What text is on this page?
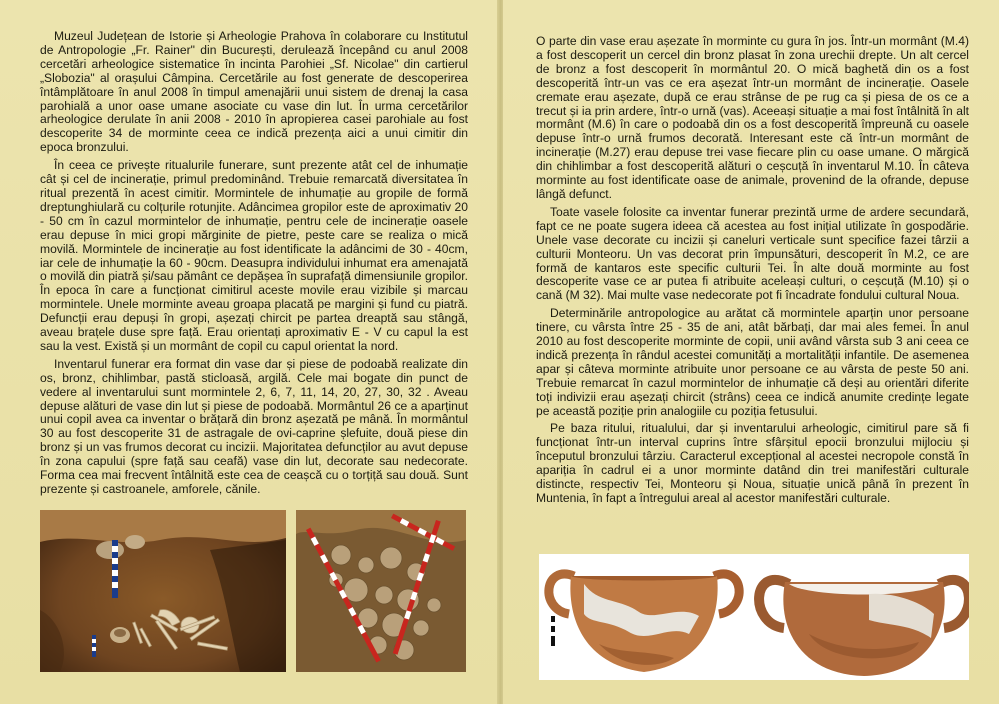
Muzeul Județean de Istorie și Arheologie Prahova în colaborare cu Institutul de Antropologie „Fr. Rainer" din București, derulează începând cu anul 2008 cercetări arheologice sistematice în incinta Parohiei „Sf. Nicolae" din cartierul „Slobozia" al orașului Câmpina. Cercetările au fost generate de descoperirea întâmplătoare în anul 2008 în timpul amenajării unui sistem de drenaj la casa parohială a unor oase umane asociate cu vase din lut. În urma cercetărilor arheologice derulate în anii 2008 - 2010 în apropierea casei parohiale au fost descoperite 34 de morminte ceea ce indică prezența aici a unui cimitir din epoca bronzului.

În ceea ce privește ritualurile funerare, sunt prezente atât cel de inhumație cât și cel de incinerație, primul predominând. Trebuie remarcată diversitatea în ritual prezentă în acest cimitir. Mormintele de inhumație au gropile de formă dreptunghiulară cu colțurile rotunjite. Adâncimea gropilor este de aproximativ 20 - 50 cm în cazul mormintelor de inhumație, pentru cele de incinerație oasele erau depuse în mici gropi mărginite de pietre, peste care se realiza o mică movilă. Mormintele de incinerație au fost identificate la adâncimi de 30 - 40cm, iar cele de inhumație la 60 - 90cm. Deasupra individului inhumat era amenajată o movilă din piatră și/sau pământ ce depășea în suprafață dimensiunile gropilor. În epoca în care a funcționat cimitirul aceste movile erau vizibile și marcau mormintele. Unele morminte aveau groapa placată pe margini și fund cu piatră. Defuncții erau depuși în gropi, așezați chircit pe partea dreaptă sau stângă, aveau brațele duse spre față. Erau orientați aproximativ E - V cu capul la est sau la vest. Există și un mormânt de copil cu capul orientat la nord.

Inventarul funerar era format din vase dar și piese de podoabă realizate din os, bronz, chihlimbar, pastă sticloasă, argilă. Cele mai bogate din punct de vedere al inventarului sunt mormintele 2, 6, 7, 11, 14, 20, 27, 30, 32 . Aveau depuse alături de vase din lut și piese de podoabă. Mormântul 26 ce a aparținut unui copil avea ca inventar o brățară din bronz așezată pe mână. În mormântul 30 au fost descoperite 31 de astragale de ovi-caprine șlefuite, două piese din bronz și un vas frumos decorat cu incizii. Majoritatea defuncților au avut depuse în zona capului (spre față sau ceafă) vase din lut, decorate sau nedecorate. Forma cea mai frecvent întâlnită este cea de ceașcă cu o torțiță sau două. Sunt prezente și castroanele, amforele, cănile.

O parte din vase erau așezate în morminte cu gura în jos. Într-un mormânt (M.4) a fost descoperit un cercel din bronz plasat în zona urechii drepte. Un alt cercel de bronz a fost descoperit în mormântul 20. O mică baghetă din os a fost descoperită într-un vas ce era așezat într-un mormânt de incinerație. Oasele cremate erau așezate, după ce erau strânse de pe rug ca și piesa de os ce a trecut și ia prin ardere, într-o urnă (vas). Aceeași situație a mai fost întâlnită în alt mormânt (M.6) în care o podoabă din os a fost descoperită împreună cu oasele depuse într-o urnă frumos decorată. Interesant este că într-un mormânt de incinerație (M.27) erau depuse trei vase fiecare plin cu oase umane. O mărgică din chihlimbar a fost descoperită alături o ceșcuță în inventarul M.10. În câteva morminte au fost identificate oase de animale, provenind de la ofrande, depuse lângă defunct.

Toate vasele folosite ca inventar funerar prezintă urme de ardere secundară, fapt ce ne poate sugera ideea că acestea au fost inițial utilizate în gospodărie. Unele vase decorate cu incizii și caneluri verticale sunt specifice fazei târzii a culturii Monteoru. Un vas decorat prin împunsături, descoperit în M.2, ce are formă de kantaros este specific culturii Tei. În alte două morminte au fost descoperite vase ce ar putea fi atribuite aceleași culturi, o ceșcuță (M.10) și o cană (M 32). Mai multe vase nedecorate pot fi încadrate fondului cultural Noua.

Determinările antropologice au arătat că mormintele aparțin unor persoane tinere, cu vârsta între 25 - 35 de ani, atât bărbați, dar mai ales femei. În anul 2010 au fost descoperite morminte de copii, unii având vârsta sub 3 ani ceea ce indică prezența în rândul acestei comunități a mortalității infantile. De asemenea apar și câteva morminte atribuite unor persoane ce au vârsta de peste 50 ani. Trebuie remarcat în cazul mormintelor de inhumație că deși au orientări diferite toți indivizii erau așezați chircit (strâns) ceea ce indică anumite credințe legate pe această poziție prin analogiile cu poziția fetusului.

Pe baza ritului, ritualului, dar și inventarului arheologic, cimitirul pare să fi funcționat într-un interval cuprins între sfârșitul epocii bronzului mijlociu și începutul bronzului târziu. Caracterul excepțional al acestei necropole constă în apariția în cadrul ei a unor morminte datând din trei manifestări culturale distincte, respectiv Tei, Monteoru și Noua, situație unică până în prezent în Muntenia, în fapt a întregului areal al acestor manifestări culturale.
